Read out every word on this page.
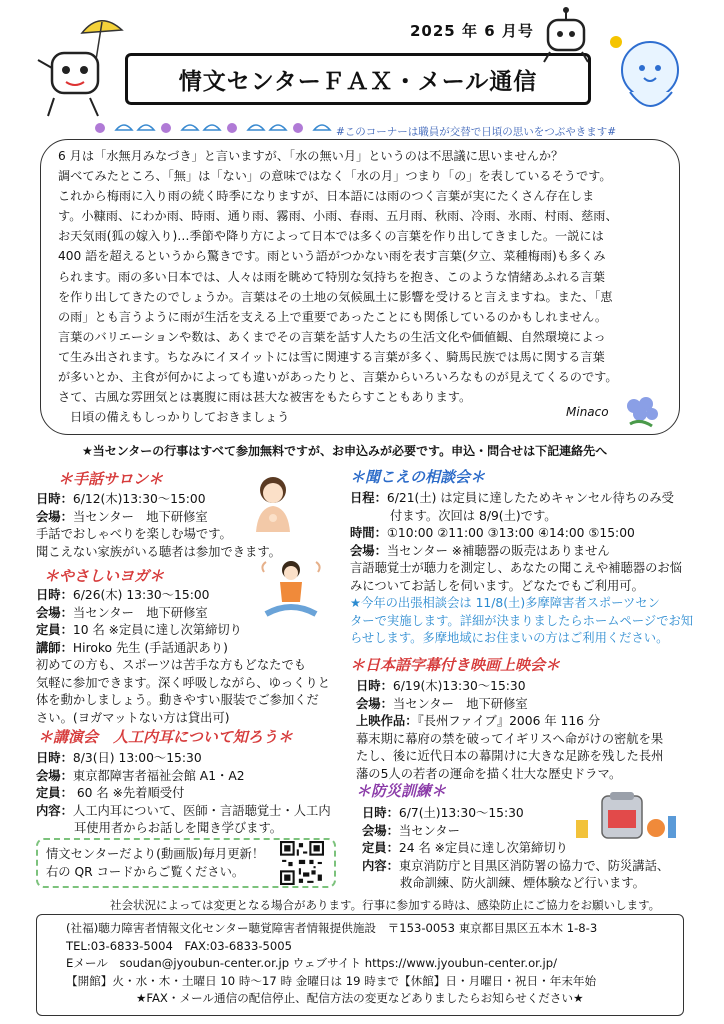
2025 年 6 月号
情文センターＦＡＸ・メール通信
#このコーナーは職員が交替で日頃の思いをつぶやきます#
6 月は「水無月みなづき」と言いますが、「水の無い月」というのは不思議に思いませんか？
調べてみたところ、「無」は「ない」の意味ではなく「水の月」つまり「の」を表しているそうです。
これから梅雨に入り雨の続く時季になりますが、日本語には雨のつく言葉が実にたくさん存在しま
す。小糠雨、にわか雨、時雨、通り雨、霧雨、小雨、春雨、五月雨、秋雨、冷雨、氷雨、村雨、慈雨、
お天気雨(狐の嫁入り)…季節や降り方によって日本では多くの言葉を作り出してきました。一説には
400 語を超えるというから驚きです。雨という語がつかない雨を表す言葉(夕立、菜種梅雨)も多くみ
られます。雨の多い日本では、人々は雨を眺めて特別な気持ちを抱き、このような情緒あふれる言葉
を作り出してきたのでしょうか。言葉はその土地の気候風土に影響を受けると言えますね。また、「恵
の雨」とも言うように雨が生活を支える上で重要であったことにも関係しているのかもしれません。
言葉のバリエーションや数は、あくまでその言葉を話す人たちの生活文化や価値観、自然環境によっ
て生み出されます。ちなみにイヌイットには雪に関連する言葉が多く、騎馬民族では馬に関する言葉
が多いとか、主食が何かによっても違いがあったりと、言葉からいろいろなものが見えてくるのです。
さて、古風な雰囲気とは裏腹に雨は甚大な被害をもたらすこともあります。
日頃の備えもしっかりしておきましょう	Minaco
★当センターの行事はすべて参加無料ですが、お申込みが必要です。申込・問合せは下記連絡先へ
＊手話サロン＊
日時：6/12(木)13:30～15:00
会場：当センター　地下研修室
手話でおしゃべりを楽しむ場です。
聞こえない家族がいる聴者は参加できます。
＊やさしいヨガ＊
日時：6/26(木) 13:30～15:00
会場：当センター　地下研修室
定員：10 名 ※定員に達し次第締切り
講師：Hiroko 先生 (手話通訳あり)
初めての方も、スポーツは苦手な方もどなたでも
気軽に参加できます。深く呼吸しながら、ゆっくりと
体を動かしましょう。動きやすい服装でご参加くだ
さい。(ヨガマットない方は貸出可)
＊講演会　人工内耳について知ろう＊
日時：8/3(日) 13:00～15:30
会場：東京都障害者福祉会館 A1・A2
定員： 60 名 ※先着順受付
内容：人工内耳について、医師・言語聴覚士・人工内
耳使用者からお話しを聞き学びます。
情文センターだより(動画版)毎月更新！
右の QR コードからご覧ください。
＊聞こえの相談会＊
日程：6/21(土) は定員に達したためキャンセル待ちのみ受
付ます。次回は 8/9(土)です。
時間：①10:00 ②11:00 ③13:00 ④14:00 ⑤15:00
会場：当センター ※補聴器の販売はありません
言語聴覚士が聴力を測定し、あなたの聞こえや補聴器のお悩
みについてお話しを伺います。どなたでもご利用可。
★今年の出張相談会は 11/8(土)多摩障害者スポーツセン
ターで実施します。詳細が決まりましたらホームページでお知
らせします。多摩地域にお住まいの方はご利用ください。
＊日本語字幕付き映画上映会＊
日時：6/19(木)13:30～15:30
会場：当センター　地下研修室
上映作品：『長州ファイブ』2006 年 116 分
幕末期に幕府の禁を破ってイギリスへ命がけの密航を果
たし、後に近代日本の幕開けに大きな足跡を残した長州
藩の5人の若者の運命を描く壮大な歴史ドラマ。
＊防災訓練＊
日時：6/7(土)13:30～15:30
会場：当センター
定員：24 名 ※定員に達し次第締切り
内容：東京消防庁と目黒区消防署の協力で、防災講話、
救命訓練、防火訓練、煙体験など行います。
社会状況によっては変更となる場合があります。行事に参加する時は、感染防止にご協力をお願いします。
(社福)聴力障害者情報文化センター聴覚障害者情報提供施設　〒153-0053 東京都目黒区五本木 1-8-3
TEL:03-6833-5004　FAX:03-6833-5005
Eメール　soudan@jyoubun-center.or.jp ウェブサイト https://www.jyoubun-center.or.jp/
【開館】火・水・木・土曜日 10 時～17 時 金曜日は 19 時まで【休館】日・月曜日・祝日・年末年始
★FAX・メール通信の配信停止、配信方法の変更などありましたらお知らせください★
